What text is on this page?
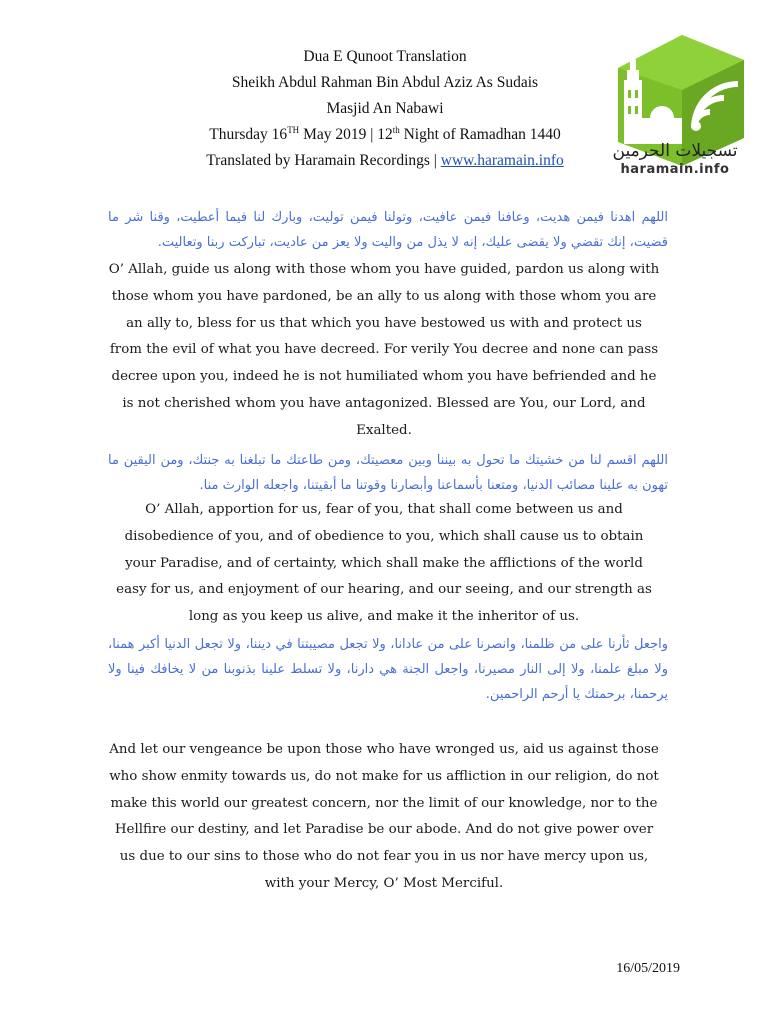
Dua E Qunoot Translation
Sheikh Abdul Rahman Bin Abdul Aziz As Sudais
Masjid An Nabawi
Thursday 16TH May 2019 | 12th Night of Ramadhan 1440
Translated by Haramain Recordings | www.haramain.info	تسجيلات الحرمين
haramain.info
اللهم اهدنا فيمن هديت، وعافنا فيمن عافيت، وتولنا فيمن توليت، وبارك لنا فيما أعطيت، وقنا شر ما قضيت، إنك تقضي ولا يقضى عليك، إنه لا يذل من واليت ولا يعز من عاديت، تباركت ربنا وتعاليت.
O’ Allah, guide us along with those whom you have guided, pardon us along with those whom you have pardoned, be an ally to us along with those whom you are an ally to, bless for us that which you have bestowed us with and protect us from the evil of what you have decreed. For verily You decree and none can pass decree upon you, indeed he is not humiliated whom you have befriended and he is not cherished whom you have antagonized. Blessed are You, our Lord, and Exalted.
اللهم اقسم لنا من خشيتك ما تحول به بيننا وبين معصيتك، ومن طاعتك ما تبلغنا به جنتك، ومن اليقين ما تهون به علينا مصائب الدنيا، ومتعنا بأسماعنا وأبصارنا وقوتنا ما أبقيتنا، واجعله الوارث منا.
O’ Allah, apportion for us, fear of you, that shall come between us and disobedience of you, and of obedience to you, which shall cause us to obtain your Paradise, and of certainty, which shall make the afflictions of the world easy for us, and enjoyment of our hearing, and our seeing, and our strength as long as you keep us alive, and make it the inheritor of us.
واجعل ثأرنا على من ظلمنا، وانصرنا على من عادانا، ولا تجعل مصيبتنا في ديننا، ولا تجعل الدنيا أكبر همنا، ولا مبلغ علمنا، ولا إلى النار مصيرنا، واجعل الجنة هي دارنا، ولا تسلط علينا بذنوبنا من لا يخافك فينا ولا يرحمنا، برحمتك يا أرحم الراحمين.
And let our vengeance be upon those who have wronged us, aid us against those who show enmity towards us, do not make for us affliction in our religion, do not make this world our greatest concern, nor the limit of our knowledge, nor to the Hellfire our destiny, and let Paradise be our abode. And do not give power over us due to our sins to those who do not fear you in us nor have mercy upon us, with your Mercy, O’ Most Merciful.
16/05/2019
